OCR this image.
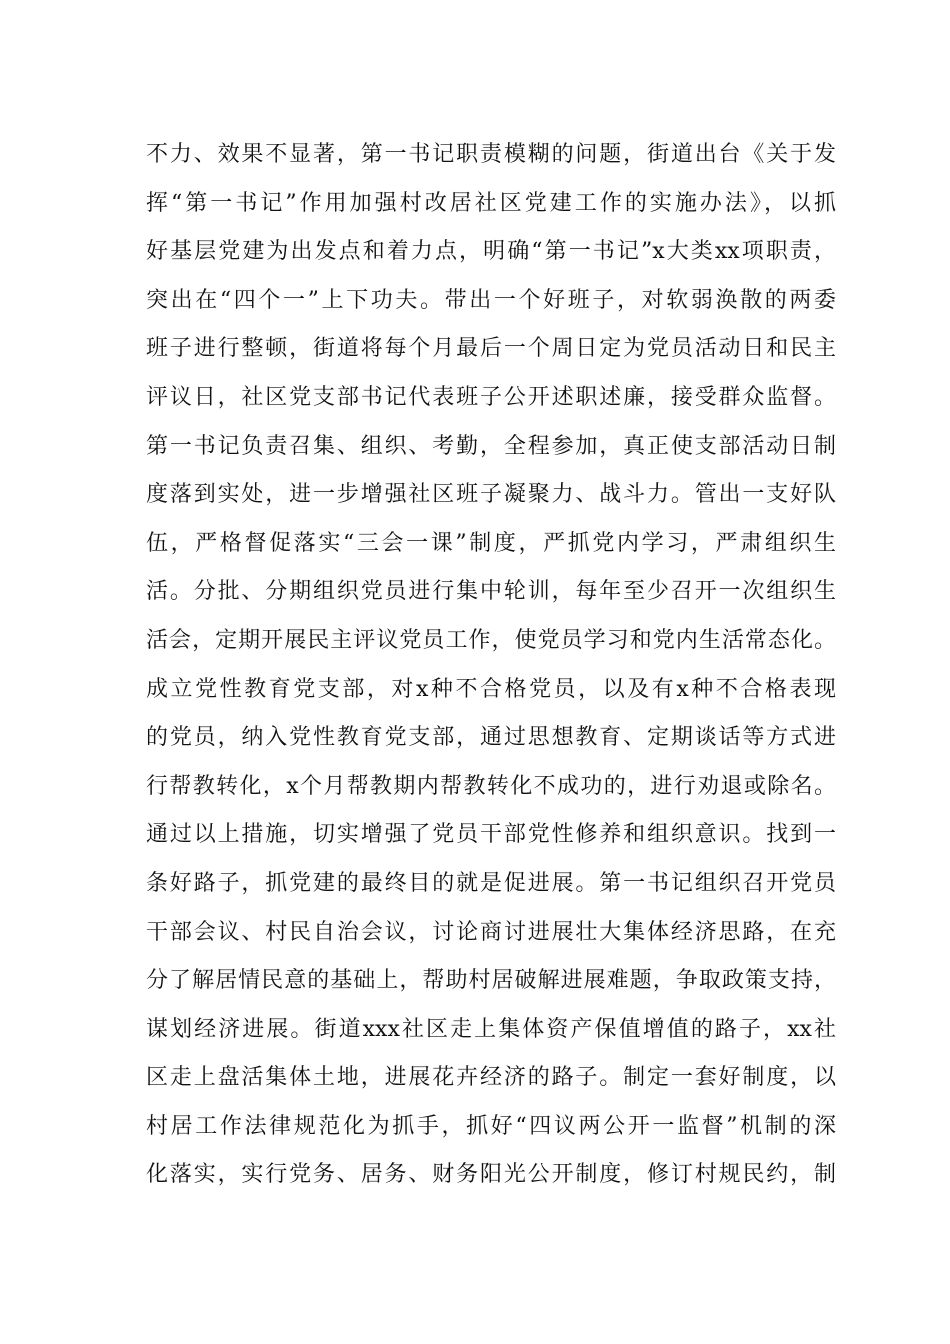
不力、效果不显著，第一书记职责模糊的问题，街道出台《关于发
挥“第一书记”作用加强村改居社区党建工作的实施办法》，以抓
好基层党建为出发点和着力点，明确“第一书记”x大类xx项职责，
突出在“四个一”上下功夫。带出一个好班子，对软弱涣散的两委
班子进行整顿，街道将每个月最后一个周日定为党员活动日和民主
评议日，社区党支部书记代表班子公开述职述廉，接受群众监督。
第一书记负责召集、组织、考勤，全程参加，真正使支部活动日制
度落到实处，进一步增强社区班子凝聚力、战斗力。管出一支好队
伍，严格督促落实“三会一课”制度，严抓党内学习，严肃组织生
活。分批、分期组织党员进行集中轮训，每年至少召开一次组织生
活会，定期开展民主评议党员工作，使党员学习和党内生活常态化。
成立党性教育党支部，对x种不合格党员，以及有x种不合格表现
的党员，纳入党性教育党支部，通过思想教育、定期谈话等方式进
行帮教转化，x个月帮教期内帮教转化不成功的，进行劝退或除名。
通过以上措施，切实增强了党员干部党性修养和组织意识。找到一
条好路子，抓党建的最终目的就是促进展。第一书记组织召开党员
干部会议、村民自治会议，讨论商讨进展壮大集体经济思路，在充
分了解居情民意的基础上，帮助村居破解进展难题，争取政策支持，
谋划经济进展。街道xxx社区走上集体资产保值增值的路子，xx社
区走上盘活集体土地，进展花卉经济的路子。制定一套好制度，以
村居工作法律规范化为抓手，抓好“四议两公开一监督”机制的深
化落实，实行党务、居务、财务阳光公开制度，修订村规民约，制
